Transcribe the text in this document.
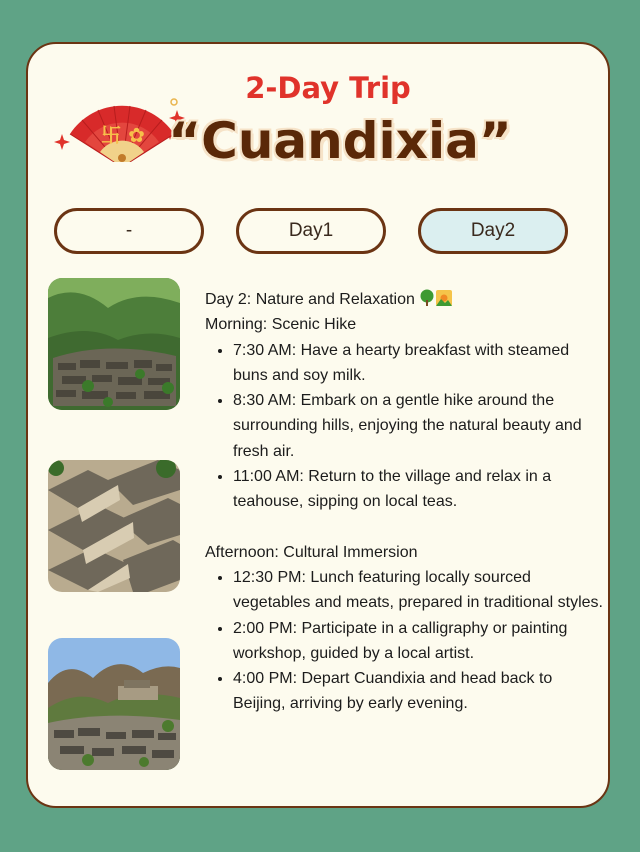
卐 ✿
2-Day Trip
“Cuandixia”
-	Day1	Day2

Day 2: Nature and Relaxation

Morning: Scenic Hike

• 7:30 AM: Have a hearty breakfast with steamed buns and soy milk.
• 8:30 AM: Embark on a gentle hike around the surrounding hills, enjoying the natural beauty and fresh air.
• 11:00 AM: Return to the village and relax in a teahouse, sipping on local teas.

Afternoon: Cultural Immersion

• 12:30 PM: Lunch featuring locally sourced vegetables and meats, prepared in traditional styles.
• 2:00 PM: Participate in a calligraphy or painting workshop, guided by a local artist.
• 4:00 PM: Depart Cuandixia and head back to Beijing, arriving by early evening.
